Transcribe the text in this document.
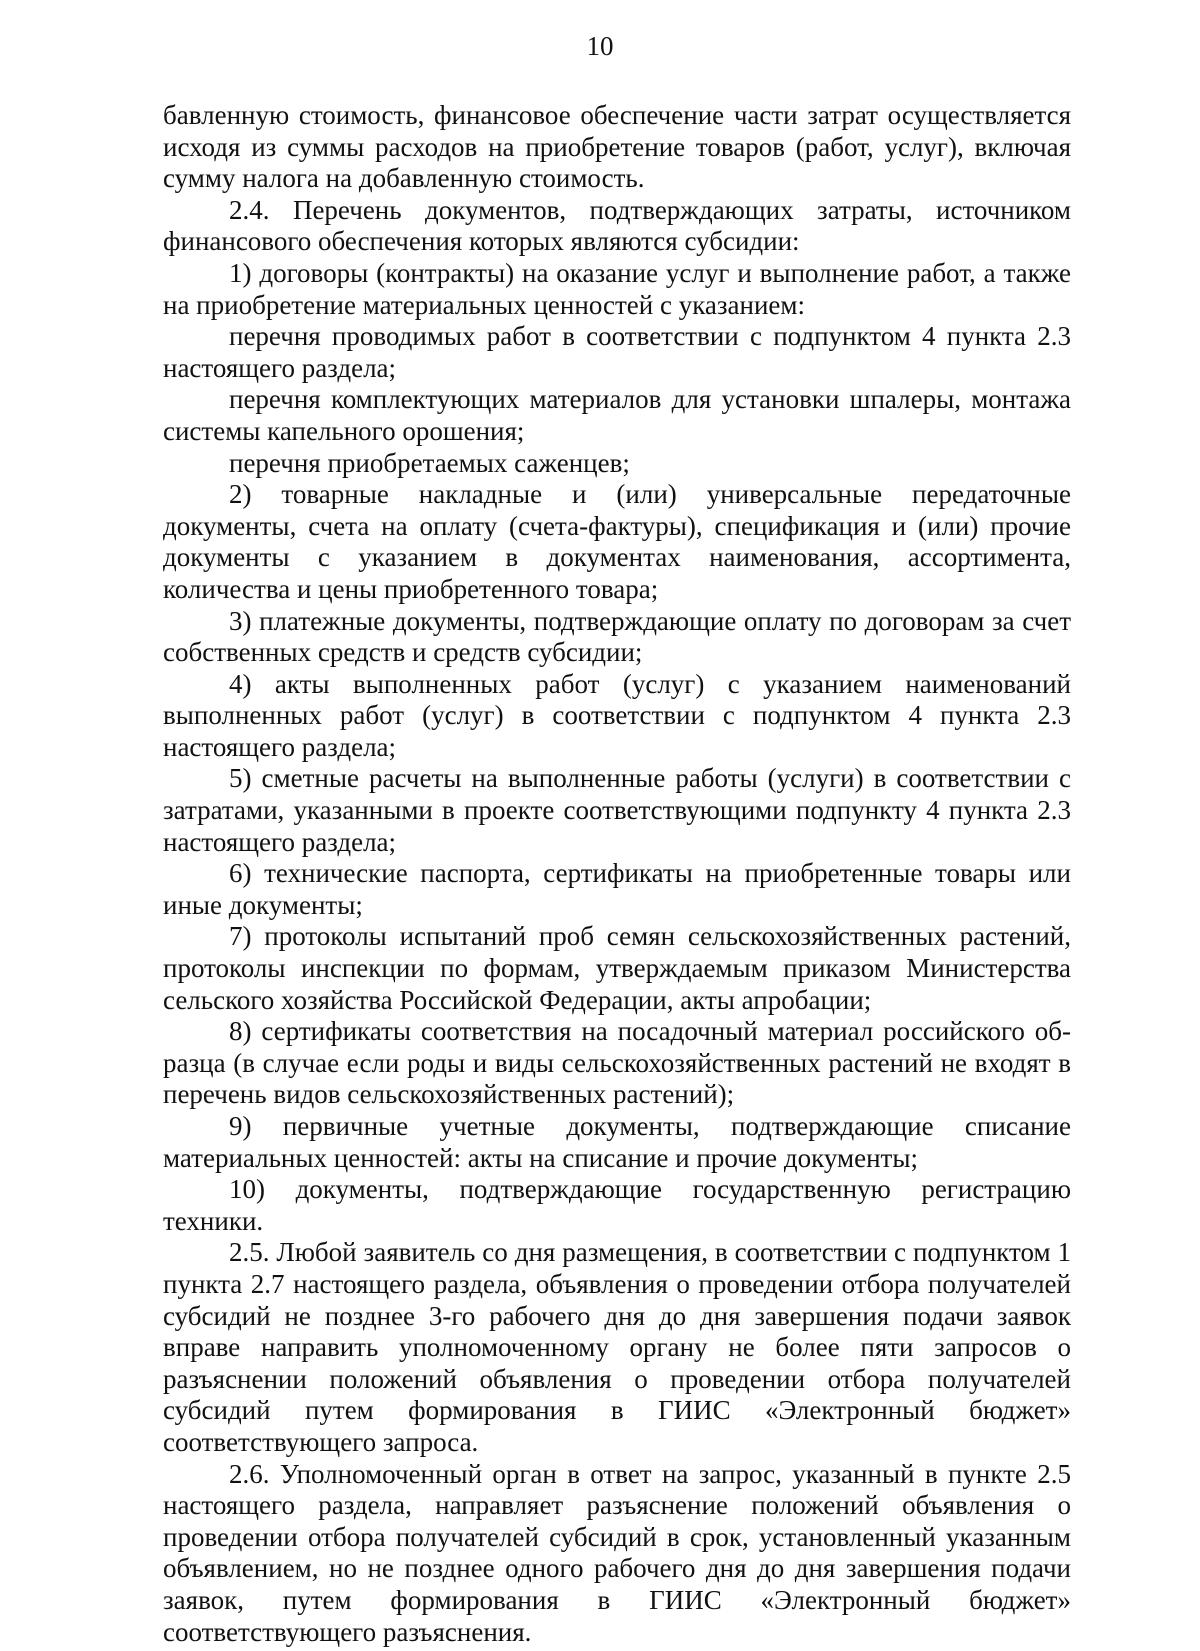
10

бавленную стоимость, финансовое обеспечение части затрат осуществляется исходя из суммы расходов на приобретение товаров (работ, услуг), включая сумму налога на добавленную стоимость.

2.4. Перечень документов, подтверждающих затраты, источником финансового обеспечения которых являются субсидии:

1) договоры (контракты) на оказание услуг и выполнение работ, а также на приобретение материальных ценностей с указанием:

перечня проводимых работ в соответствии с подпунктом 4 пункта 2.3 настоящего раздела;

перечня комплектующих материалов для установки шпалеры, монтажа системы капельного орошения;

перечня приобретаемых саженцев;

2) товарные накладные и (или) универсальные передаточные документы, счета на оплату (счета-фактуры), спецификация и (или) прочие документы с указанием в документах наименования, ассортимента, количества и цены приобретенного товара;

3) платежные документы, подтверждающие оплату по договорам за счет собственных средств и средств субсидии;

4) акты выполненных работ (услуг) с указанием наименований выполненных работ (услуг) в соответствии с подпунктом 4 пункта 2.3 настоящего раздела;

5) сметные расчеты на выполненные работы (услуги) в соответствии с затратами, указанными в проекте соответствующими подпункту 4 пункта 2.3 настоящего раздела;

6) технические паспорта, сертификаты на приобретенные товары или иные документы;

7) протоколы испытаний проб семян сельскохозяйственных растений, протоколы инспекции по формам, утверждаемым приказом Министерства сельского хозяйства Российской Федерации, акты апробации;

8) сертификаты соответствия на посадочный материал российского образца (в случае если роды и виды сельскохозяйственных растений не входят в перечень видов сельскохозяйственных растений);

9) первичные учетные документы, подтверждающие списание материальных ценностей: акты на списание и прочие документы;

10) документы, подтверждающие государственную регистрацию техники.

2.5. Любой заявитель со дня размещения, в соответствии с подпунктом 1 пункта 2.7 настоящего раздела, объявления о проведении отбора получателей субсидий не позднее 3-го рабочего дня до дня завершения подачи заявок вправе направить уполномоченному органу не более пяти запросов о разъяснении положений объявления о проведении отбора получателей субсидий путем формирования в ГИИС «Электронный бюджет» соответствующего запроса.

2.6. Уполномоченный орган в ответ на запрос, указанный в пункте 2.5 настоящего раздела, направляет разъяснение положений объявления о проведении отбора получателей субсидий в срок, установленный указанным объявлением, но не позднее одного рабочего дня до дня завершения подачи заявок, путем формирования в ГИИС «Электронный бюджет» соответствующего разъяснения.
